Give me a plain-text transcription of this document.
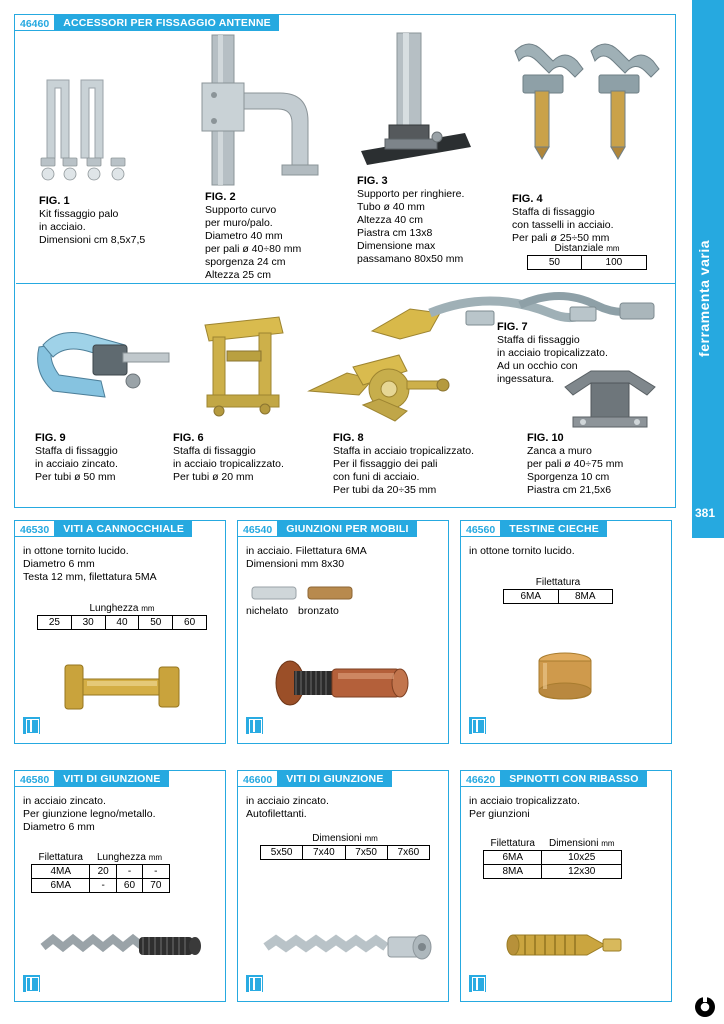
ferramenta varia
381
46460	ACCESSORI PER FISSAGGIO ANTENNE
FIG. 1
Kit fissaggio palo
in acciaio.
Dimensioni cm 8,5x7,5
FIG. 2
Supporto curvo
per muro/palo.
Diametro 40 mm
per pali ø 40÷80 mm
sporgenza 24 cm
Altezza 25 cm
FIG. 3
Supporto per ringhiere.
Tubo ø 40 mm
Altezza 40 cm
Piastra cm 13x8
Dimensione max
passamano 80x50 mm
FIG. 4
Staffa di fissaggio
con tasselli in acciaio.
Per pali ø 25÷50 mm
Distanziale mm
50	100
FIG. 7
Staffa di fissaggio
in acciaio tropicalizzato.
Ad un occhio con
ingessatura.
FIG. 9
Staffa di fissaggio
in acciaio zincato.
Per tubi ø 50 mm
FIG. 6
Staffa di fissaggio
in acciaio tropicalizzato.
Per tubi ø 20 mm
FIG. 8
Staffa in acciaio tropicalizzato.
Per il fissaggio dei pali
con funi di acciaio.
Per tubi da 20÷35 mm
FIG. 10
Zanca a muro
per pali ø 40÷75 mm
Sporgenza 10 cm
Piastra cm 21,5x6
46530	VITI A CANNOCCHIALE
in ottone tornito lucido.
Diametro 6 mm
Testa 12 mm, filettatura 5MA
Lunghezza mm
25	30	40	50	60
46540	GIUNZIONI PER MOBILI
in acciaio. Filettatura 6MA
Dimensioni mm 8x30
nichelato bronzato
46560	TESTINE CIECHE
in ottone tornito lucido.
Filettatura
6MA	8MA
46580	VITI DI GIUNZIONE
in acciaio zincato.
Per giunzione legno/metallo.
Diametro 6 mm
Filettatura	Lunghezza mm		
4MA	20	-	-
6MA	-	60	70
46600	VITI DI GIUNZIONE
in acciaio zincato.
Autofilettanti.
Dimensioni mm
5x50	7x40	7x50	7x60
46620	SPINOTTI CON RIBASSO
in acciaio tropicalizzato.
Per giunzioni
Filettatura	Dimensioni mm
6MA	10x25
8MA	12x30
